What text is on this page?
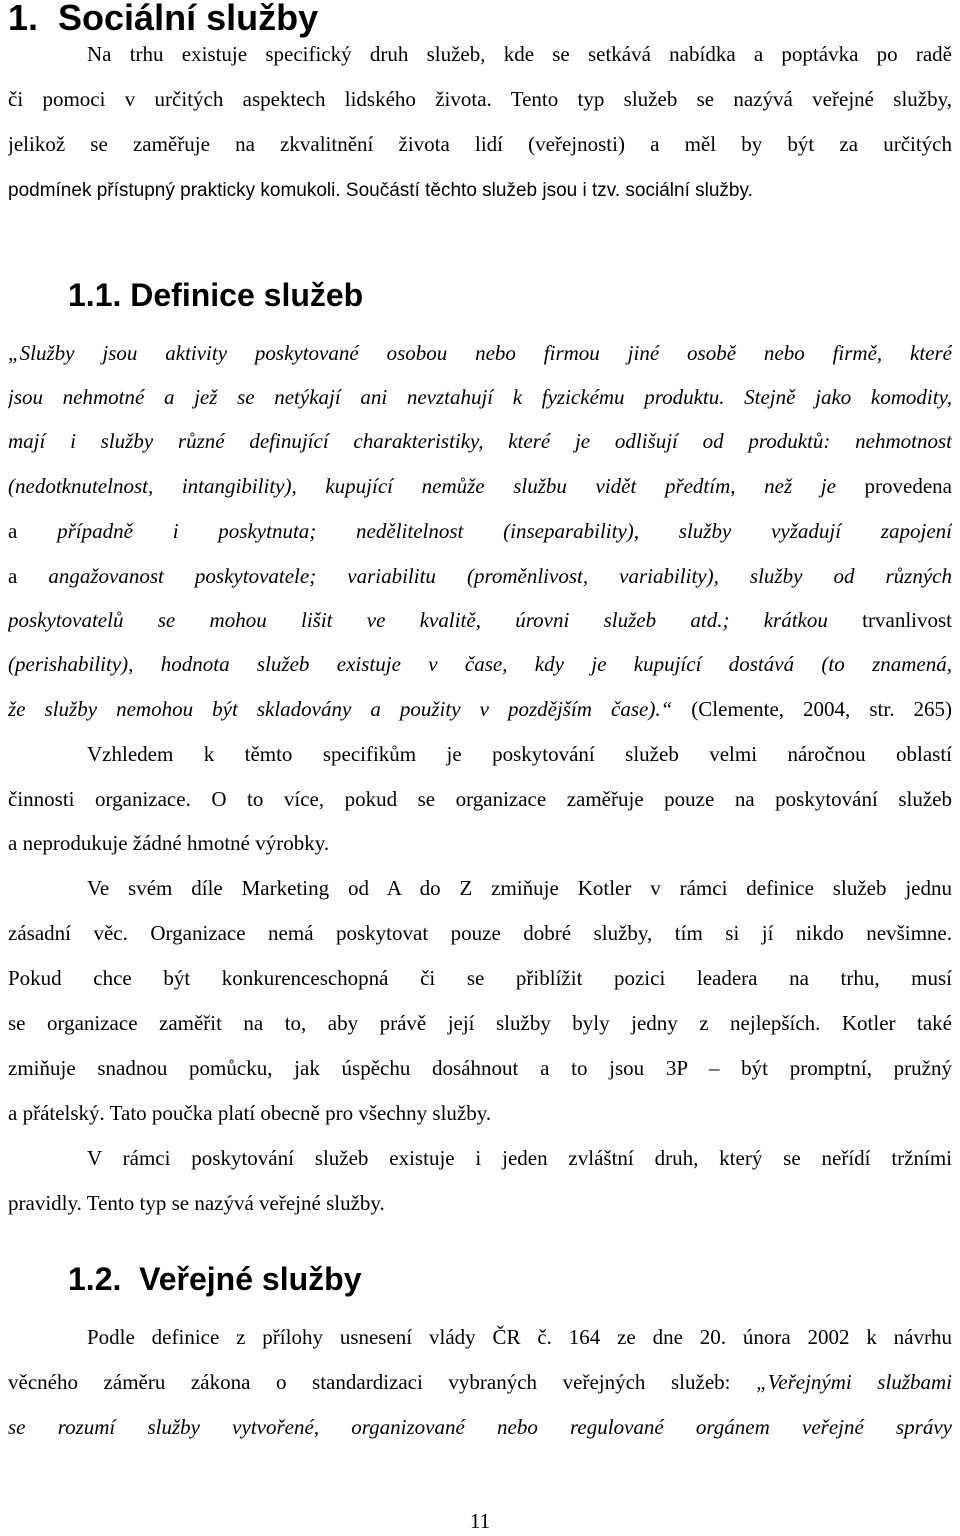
1.  Sociální služby
Na trhu existuje specifický druh služeb, kde se setkává nabídka a poptávka po radě
či pomoci v určitých aspektech lidského života. Tento typ služeb se nazývá veřejné služby,
jelikož se zaměřuje na zkvalitnění života lidí (veřejnosti) a měl by být za určitých
podmínek přístupný prakticky komukoli. Součástí těchto služeb jsou i tzv. sociální služby.
1.1. Definice služeb
„Služby jsou aktivity poskytované osobou nebo firmou jiné osobě nebo firmě, které
jsou nehmotné a jež se netýkají ani nevztahují k fyzickému produktu. Stejně jako komodity,
mají i služby různé definující charakteristiky, které je odlišují od produktů: nehmotnost
(nedotknutelnost, intangibility), kupující nemůže službu vidět předtím, než je provedena
a případně i poskytnuta; nedělitelnost (inseparability), služby vyžadují zapojení
a angažovanost poskytovatele; variabilitu (proměnlivost, variability), služby od různých
poskytovatelů se mohou lišit ve kvalitě, úrovni služeb atd.; krátkou trvanlivost
(perishability), hodnota služeb existuje v čase, kdy je kupující dostává (to znamená,
že služby nemohou být skladovány a použity v pozdějším čase).“ (Clemente, 2004, str. 265)
Vzhledem k těmto specifikům je poskytování služeb velmi náročnou oblastí
činnosti organizace. O to více, pokud se organizace zaměřuje pouze na poskytování služeb
a neprodukuje žádné hmotné výrobky.
Ve svém díle Marketing od A do Z zmiňuje Kotler v rámci definice služeb jednu
zásadní věc. Organizace nemá poskytovat pouze dobré služby, tím si jí nikdo nevšimne.
Pokud chce být konkurenceschopná či se přiblížit pozici leadera na trhu, musí
se organizace zaměřit na to, aby právě její služby byly jedny z nejlepších. Kotler také
zmiňuje snadnou pomůcku, jak úspěchu dosáhnout a to jsou 3P – být promptní, pružný
a přátelský. Tato poučka platí obecně pro všechny služby.
V rámci poskytování služeb existuje i jeden zvláštní druh, který se neřídí tržními
pravidly. Tento typ se nazývá veřejné služby.
1.2.  Veřejné služby
Podle definice z přílohy usnesení vlády ČR č. 164 ze dne 20. února 2002 k návrhu
věcného záměru zákona o standardizaci vybraných veřejných služeb: „Veřejnými službami
se rozumí služby vytvořené, organizované nebo regulované orgánem veřejné správy
11
